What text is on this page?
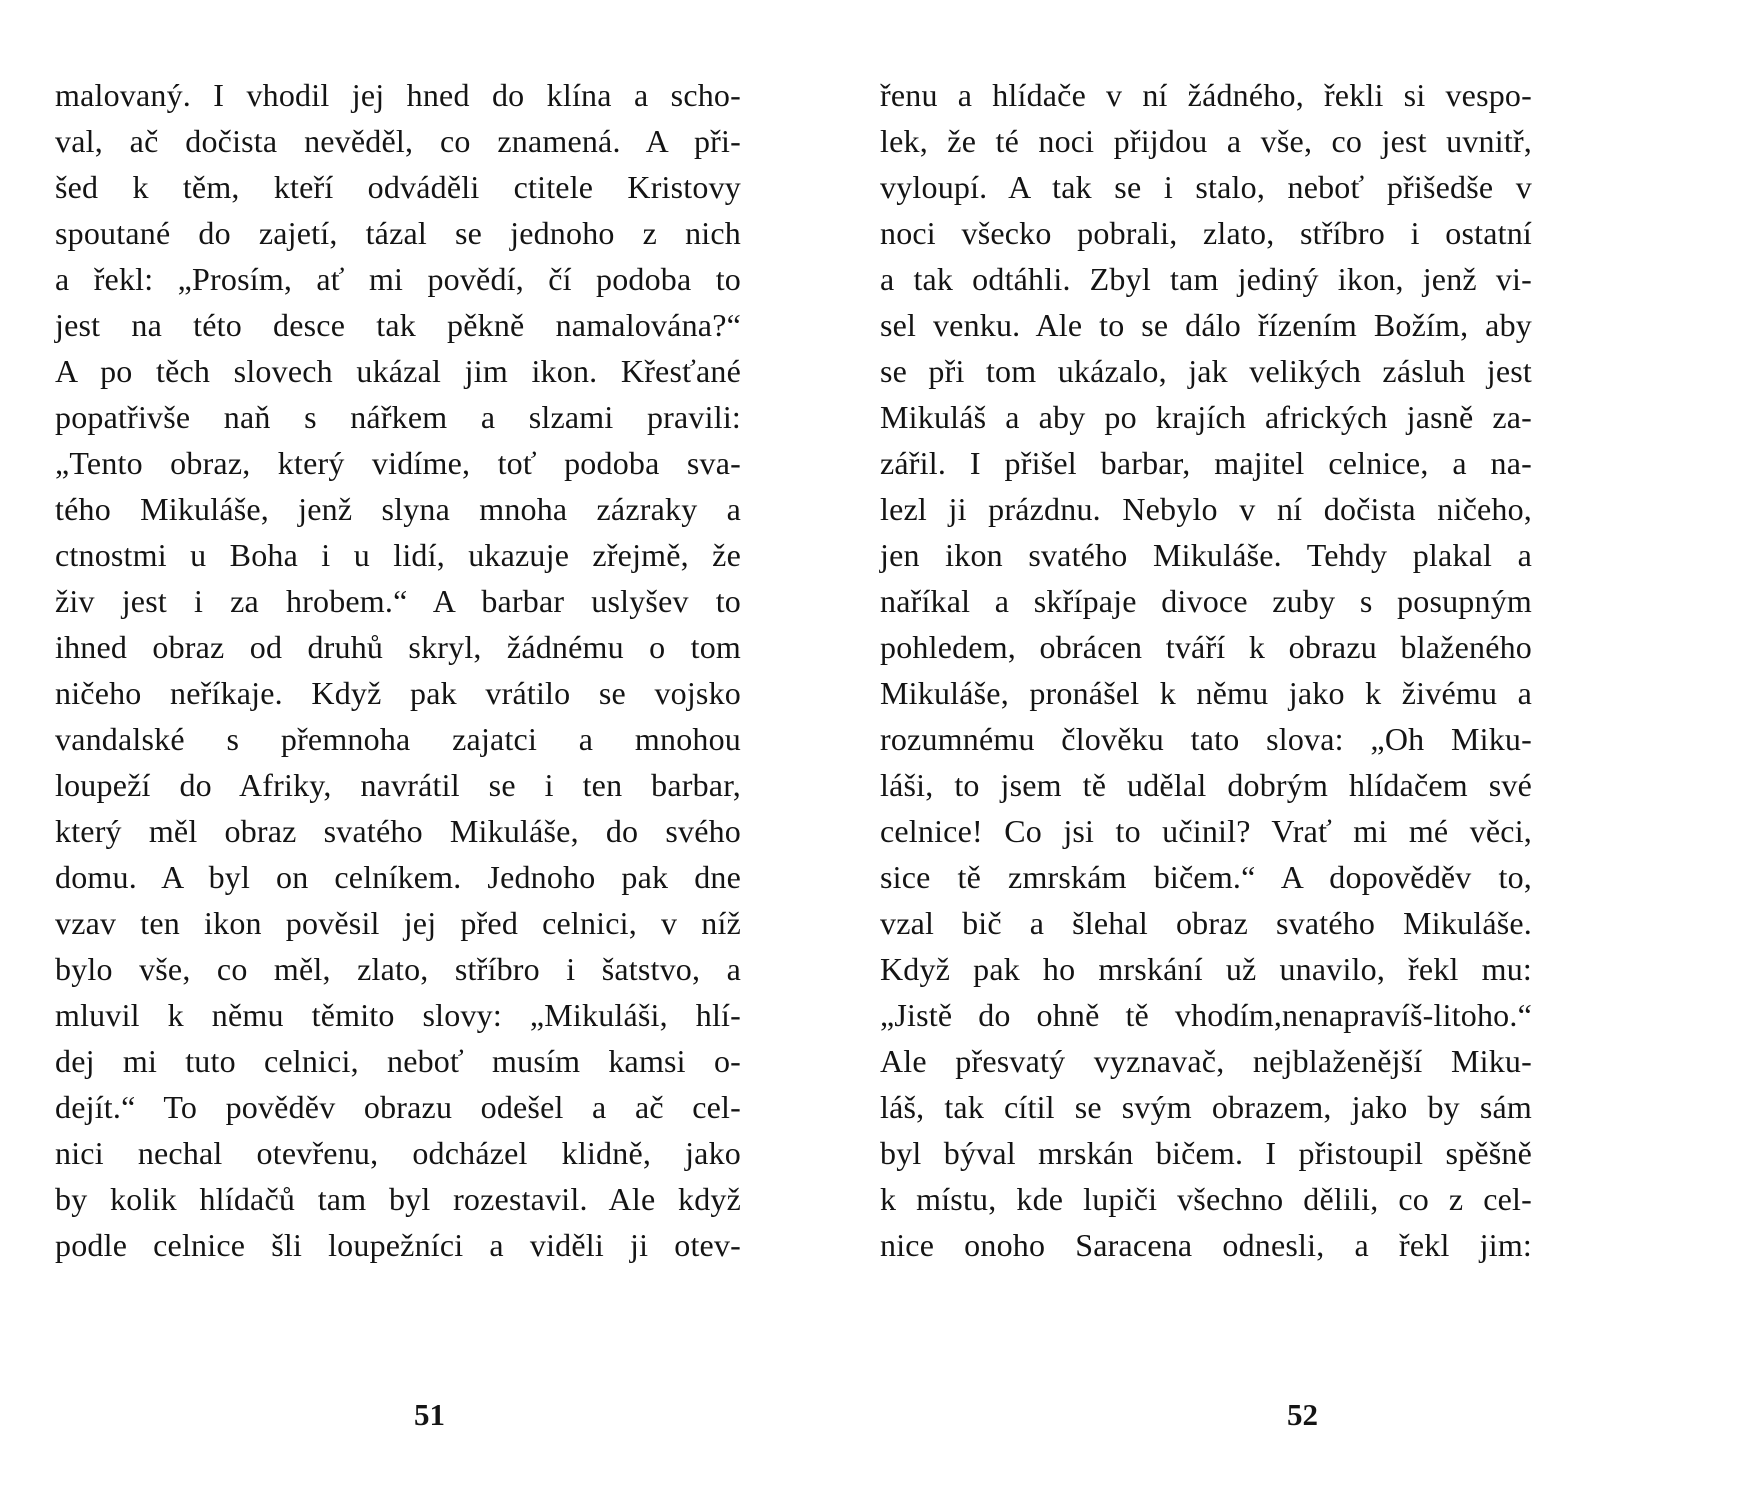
malovaný. I vhodil jej hned do klína a scho-
val, ač dočista nevěděl, co znamená. A při-
šed k těm, kteří odváděli ctitele Kristovy
spoutané do zajetí, tázal se jednoho z nich
a řekl: „Prosím, ať mi povědí, čí podoba to
jest na této desce tak pěkně namalována?“
A po těch slovech ukázal jim ikon. Křesťané
popatřivše naň s nářkem a slzami pravili:
„Tento obraz, který vidíme, toť podoba sva-
tého Mikuláše, jenž slyna mnoha zázraky a
ctnostmi u Boha i u lidí, ukazuje zřejmě, že
živ jest i za hrobem.“ A barbar uslyšev to
ihned obraz od druhů skryl, žádnému o tom
ničeho neříkaje. Když pak vrátilo se vojsko
vandalské s přemnoha zajatci a mnohou
loupeží do Afriky, navrátil se i ten barbar,
který měl obraz svatého Mikuláše, do svého
domu. A byl on celníkem. Jednoho pak dne
vzav ten ikon pověsil jej před celnici, v níž
bylo vše, co měl, zlato, stříbro i šatstvo, a
mluvil k němu těmito slovy: „Mikuláši, hlí-
dej mi tuto celnici, neboť musím kamsi o-
dejít.“ To pověděv obrazu odešel a ač cel-
nici nechal otevřenu, odcházel klidně, jako
by kolik hlídačů tam byl rozestavil. Ale když
podle celnice šli loupežníci a viděli ji otev-
řenu a hlídače v ní žádného, řekli si vespo-
lek, že té noci přijdou a vše, co jest uvnitř,
vyloupí. A tak se i stalo, neboť přišedše v
noci všecko pobrali, zlato, stříbro i ostatní
a tak odtáhli. Zbyl tam jediný ikon, jenž vi-
sel venku. Ale to se dálo řízením Božím, aby
se při tom ukázalo, jak velikých zásluh jest
Mikuláš a aby po krajích afrických jasně za-
zářil. I přišel barbar, majitel celnice, a na-
lezl ji prázdnu. Nebylo v ní dočista ničeho,
jen ikon svatého Mikuláše. Tehdy plakal a
naříkal a skřípaje divoce zuby s posupným
pohledem, obrácen tváří k obrazu blaženého
Mikuláše, pronášel k němu jako k živému a
rozumnému člověku tato slova: „Oh Miku-
láši, to jsem tě udělal dobrým hlídačem své
celnice! Co jsi to učinil? Vrať mi mé věci,
sice tě zmrskám bičem.“ A dopověděv to,
vzal bič a šlehal obraz svatého Mikuláše.
Když pak ho mrskání už unavilo, řekl mu:
„Jistě do ohně tě vhodím,nenapravíš-litoho.“
Ale přesvatý vyznavač, nejblaženější Miku-
láš, tak cítil se svým obrazem, jako by sám
byl býval mrskán bičem. I přistoupil spěšně
k místu, kde lupiči všechno dělili, co z cel-
nice onoho Saracena odnesli, a řekl jim:
51	52
